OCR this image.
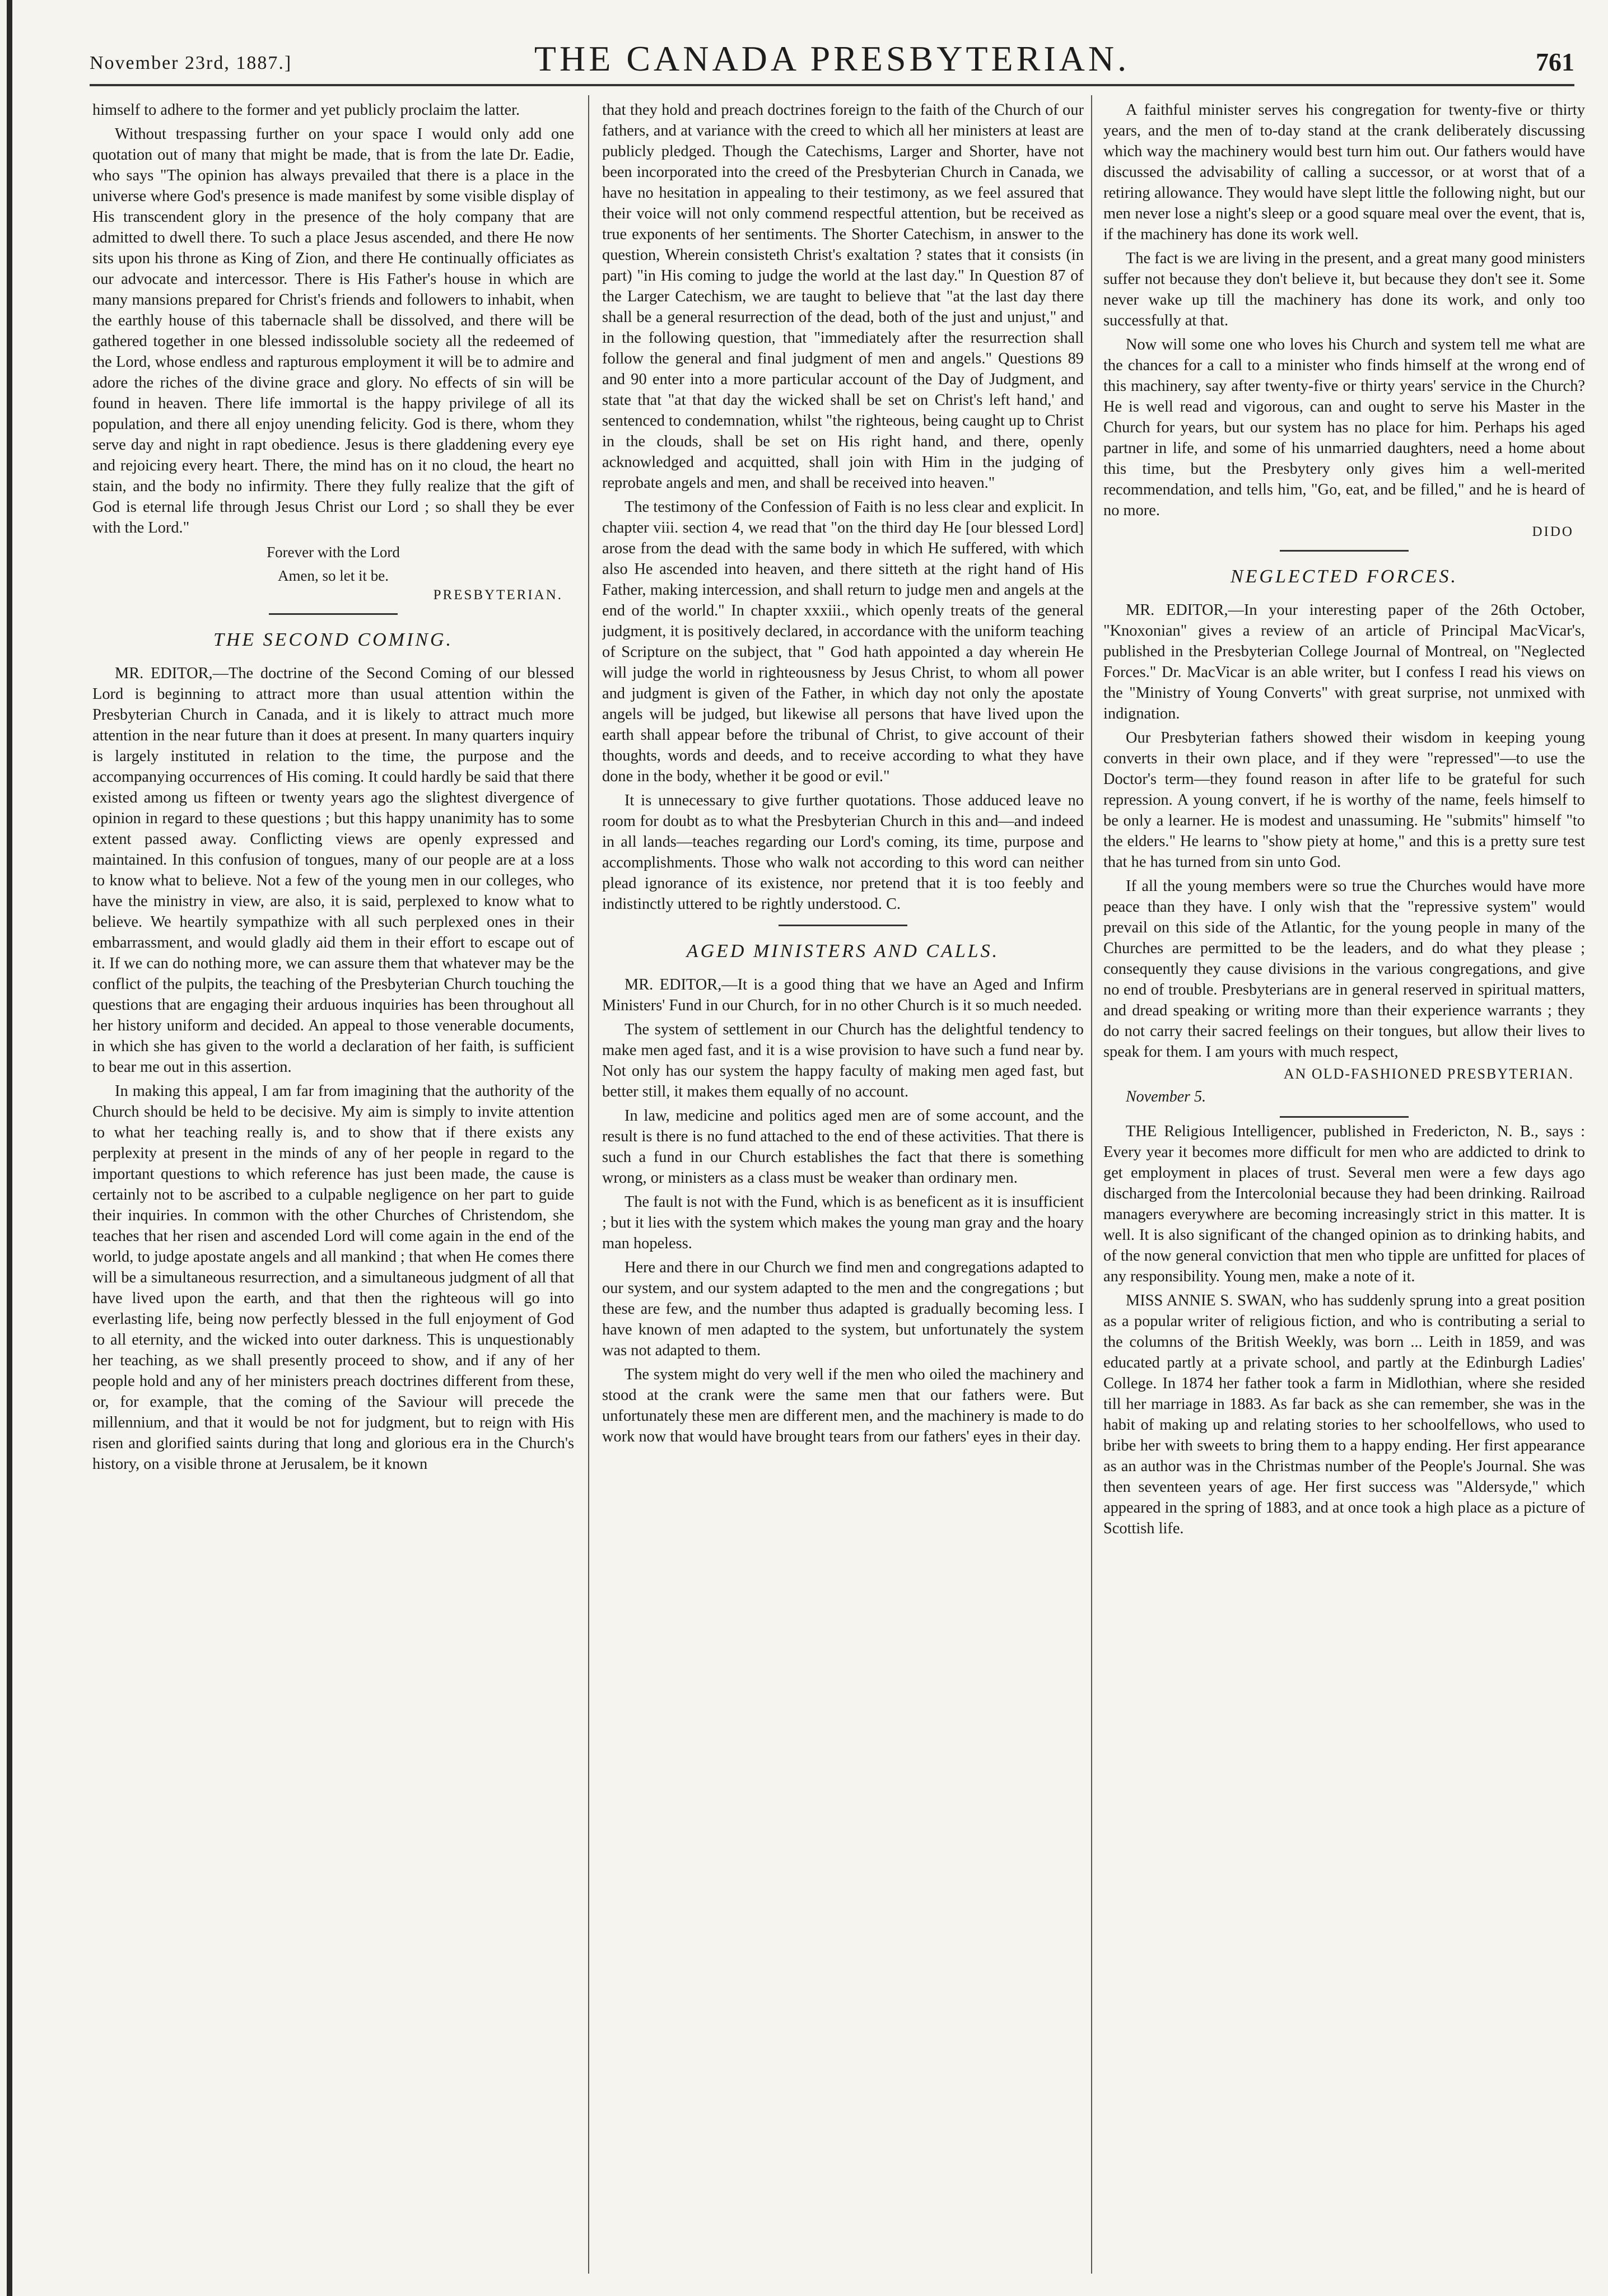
November 23rd, 1887.]	THE CANADA PRESBYTERIAN.	761

himself to adhere to the former and yet publicly proclaim the latter.

Without trespassing further on your space I would only add one quotation out of many that might be made, that is from the late Dr. Eadie, who says "The opinion has always prevailed that there is a place in the universe where God's presence is made manifest by some visible display of His transcendent glory in the presence of the holy company that are admitted to dwell there. To such a place Jesus ascended, and there He now sits upon his throne as King of Zion, and there He continually officiates as our advocate and intercessor. There is His Father's house in which are many mansions prepared for Christ's friends and followers to inhabit, when the earthly house of this tabernacle shall be dissolved, and there will be gathered together in one blessed indissoluble society all the redeemed of the Lord, whose endless and rapturous employment it will be to admire and adore the riches of the divine grace and glory. No effects of sin will be found in heaven. There life immortal is the happy privilege of all its population, and there all enjoy unending felicity. God is there, whom they serve day and night in rapt obedience. Jesus is there gladdening every eye and rejoicing every heart. There, the mind has on it no cloud, the heart no stain, and the body no infirmity. There they fully realize that the gift of God is eternal life through Jesus Christ our Lord ; so shall they be ever with the Lord."

Forever with the Lord
Amen, so let it be.
PRESBYTERIAN.
THE SECOND COMING.

MR. EDITOR,—The doctrine of the Second Coming of our blessed Lord is beginning to attract more than usual attention within the Presbyterian Church in Canada, and it is likely to attract much more attention in the near future than it does at present. In many quarters inquiry is largely instituted in relation to the time, the purpose and the accompanying occurrences of His coming. It could hardly be said that there existed among us fifteen or twenty years ago the slightest divergence of opinion in regard to these questions ; but this happy unanimity has to some extent passed away. Conflicting views are openly expressed and maintained. In this confusion of tongues, many of our people are at a loss to know what to believe. Not a few of the young men in our colleges, who have the ministry in view, are also, it is said, perplexed to know what to believe. We heartily sympathize with all such perplexed ones in their embarrassment, and would gladly aid them in their effort to escape out of it. If we can do nothing more, we can assure them that whatever may be the conflict of the pulpits, the teaching of the Presbyterian Church touching the questions that are engaging their arduous inquiries has been throughout all her history uniform and decided. An appeal to those venerable documents, in which she has given to the world a declaration of her faith, is sufficient to bear me out in this assertion.

In making this appeal, I am far from imagining that the authority of the Church should be held to be decisive. My aim is simply to invite attention to what her teaching really is, and to show that if there exists any perplexity at present in the minds of any of her people in regard to the important questions to which reference has just been made, the cause is certainly not to be ascribed to a culpable negligence on her part to guide their inquiries. In common with the other Churches of Christendom, she teaches that her risen and ascended Lord will come again in the end of the world, to judge apostate angels and all mankind ; that when He comes there will be a simultaneous resurrection, and a simultaneous judgment of all that have lived upon the earth, and that then the righteous will go into everlasting life, being now perfectly blessed in the full enjoyment of God to all eternity, and the wicked into outer darkness. This is unquestionably her teaching, as we shall presently proceed to show, and if any of her people hold and any of her ministers preach doctrines different from these, or, for example, that the coming of the Saviour will precede the millennium, and that it would be not for judgment, but to reign with His risen and glorified saints during that long and glorious era in the Church's history, on a visible throne at Jerusalem, be it known

that they hold and preach doctrines foreign to the faith of the Church of our fathers, and at variance with the creed to which all her ministers at least are publicly pledged. Though the Catechisms, Larger and Shorter, have not been incorporated into the creed of the Presbyterian Church in Canada, we have no hesitation in appealing to their testimony, as we feel assured that their voice will not only commend respectful attention, but be received as true exponents of her sentiments. The Shorter Catechism, in answer to the question, Wherein consisteth Christ's exaltation ? states that it consists (in part) "in His coming to judge the world at the last day." In Question 87 of the Larger Catechism, we are taught to believe that "at the last day there shall be a general resurrection of the dead, both of the just and unjust," and in the following question, that "immediately after the resurrection shall follow the general and final judgment of men and angels." Questions 89 and 90 enter into a more particular account of the Day of Judgment, and state that "at that day the wicked shall be set on Christ's left hand,' and sentenced to condemnation, whilst "the righteous, being caught up to Christ in the clouds, shall be set on His right hand, and there, openly acknowledged and acquitted, shall join with Him in the judging of reprobate angels and men, and shall be received into heaven."

The testimony of the Confession of Faith is no less clear and explicit. In chapter viii. section 4, we read that "on the third day He [our blessed Lord] arose from the dead with the same body in which He suffered, with which also He ascended into heaven, and there sitteth at the right hand of His Father, making intercession, and shall return to judge men and angels at the end of the world." In chapter xxxiii., which openly treats of the general judgment, it is positively declared, in accordance with the uniform teaching of Scripture on the subject, that " God hath appointed a day wherein He will judge the world in righteousness by Jesus Christ, to whom all power and judgment is given of the Father, in which day not only the apostate angels will be judged, but likewise all persons that have lived upon the earth shall appear before the tribunal of Christ, to give account of their thoughts, words and deeds, and to receive according to what they have done in the body, whether it be good or evil."

It is unnecessary to give further quotations. Those adduced leave no room for doubt as to what the Presbyterian Church in this and—and indeed in all lands—teaches regarding our Lord's coming, its time, purpose and accomplishments. Those who walk not according to this word can neither plead ignorance of its existence, nor pretend that it is too feebly and indistinctly uttered to be rightly understood. C.

AGED MINISTERS AND CALLS.

MR. EDITOR,—It is a good thing that we have an Aged and Infirm Ministers' Fund in our Church, for in no other Church is it so much needed.

The system of settlement in our Church has the delightful tendency to make men aged fast, and it is a wise provision to have such a fund near by. Not only has our system the happy faculty of making men aged fast, but better still, it makes them equally of no account.

In law, medicine and politics aged men are of some account, and the result is there is no fund attached to the end of these activities. That there is such a fund in our Church establishes the fact that there is something wrong, or ministers as a class must be weaker than ordinary men.

The fault is not with the Fund, which is as beneficent as it is insufficient ; but it lies with the system which makes the young man gray and the hoary man hopeless.

Here and there in our Church we find men and congregations adapted to our system, and our system adapted to the men and the congregations ; but these are few, and the number thus adapted is gradually becoming less. I have known of men adapted to the system, but unfortunately the system was not adapted to them.

The system might do very well if the men who oiled the machinery and stood at the crank were the same men that our fathers were. But unfortunately these men are different men, and the machinery is made to do work now that would have brought tears from our fathers' eyes in their day.

A faithful minister serves his congregation for twenty-five or thirty years, and the men of to-day stand at the crank deliberately discussing which way the machinery would best turn him out. Our fathers would have discussed the advisability of calling a successor, or at worst that of a retiring allowance. They would have slept little the following night, but our men never lose a night's sleep or a good square meal over the event, that is, if the machinery has done its work well.

The fact is we are living in the present, and a great many good ministers suffer not because they don't believe it, but because they don't see it. Some never wake up till the machinery has done its work, and only too successfully at that.

Now will some one who loves his Church and system tell me what are the chances for a call to a minister who finds himself at the wrong end of this machinery, say after twenty-five or thirty years' service in the Church? He is well read and vigorous, can and ought to serve his Master in the Church for years, but our system has no place for him. Perhaps his aged partner in life, and some of his unmarried daughters, need a home about this time, but the Presbytery only gives him a well-merited recommendation, and tells him, "Go, eat, and be filled," and he is heard of no more.

DIDO
NEGLECTED FORCES.

MR. EDITOR,—In your interesting paper of the 26th October, "Knoxonian" gives a review of an article of Principal MacVicar's, published in the Presbyterian College Journal of Montreal, on "Neglected Forces." Dr. MacVicar is an able writer, but I confess I read his views on the "Ministry of Young Converts" with great surprise, not unmixed with indignation.

Our Presbyterian fathers showed their wisdom in keeping young converts in their own place, and if they were "repressed"—to use the Doctor's term—they found reason in after life to be grateful for such repression. A young convert, if he is worthy of the name, feels himself to be only a learner. He is modest and unassuming. He "submits" himself "to the elders." He learns to "show piety at home," and this is a pretty sure test that he has turned from sin unto God.

If all the young members were so true the Churches would have more peace than they have. I only wish that the "repressive system" would prevail on this side of the Atlantic, for the young people in many of the Churches are permitted to be the leaders, and do what they please ; consequently they cause divisions in the various congregations, and give no end of trouble. Presbyterians are in general reserved in spiritual matters, and dread speaking or writing more than their experience warrants ; they do not carry their sacred feelings on their tongues, but allow their lives to speak for them. I am yours with much respect,

AN OLD-FASHIONED PRESBYTERIAN.
November 5.

THE Religious Intelligencer, published in Fredericton, N. B., says : Every year it becomes more difficult for men who are addicted to drink to get employment in places of trust. Several men were a few days ago discharged from the Intercolonial because they had been drinking. Railroad managers everywhere are becoming increasingly strict in this matter. It is well. It is also significant of the changed opinion as to drinking habits, and of the now general conviction that men who tipple are unfitted for places of any responsibility. Young men, make a note of it.

MISS ANNIE S. SWAN, who has suddenly sprung into a great position as a popular writer of religious fiction, and who is contributing a serial to the columns of the British Weekly, was born ... Leith in 1859, and was educated partly at a private school, and partly at the Edinburgh Ladies' College. In 1874 her father took a farm in Midlothian, where she resided till her marriage in 1883. As far back as she can remember, she was in the habit of making up and relating stories to her schoolfellows, who used to bribe her with sweets to bring them to a happy ending. Her first appearance as an author was in the Christmas number of the People's Journal. She was then seventeen years of age. Her first success was "Aldersyde," which appeared in the spring of 1883, and at once took a high place as a picture of Scottish life.
